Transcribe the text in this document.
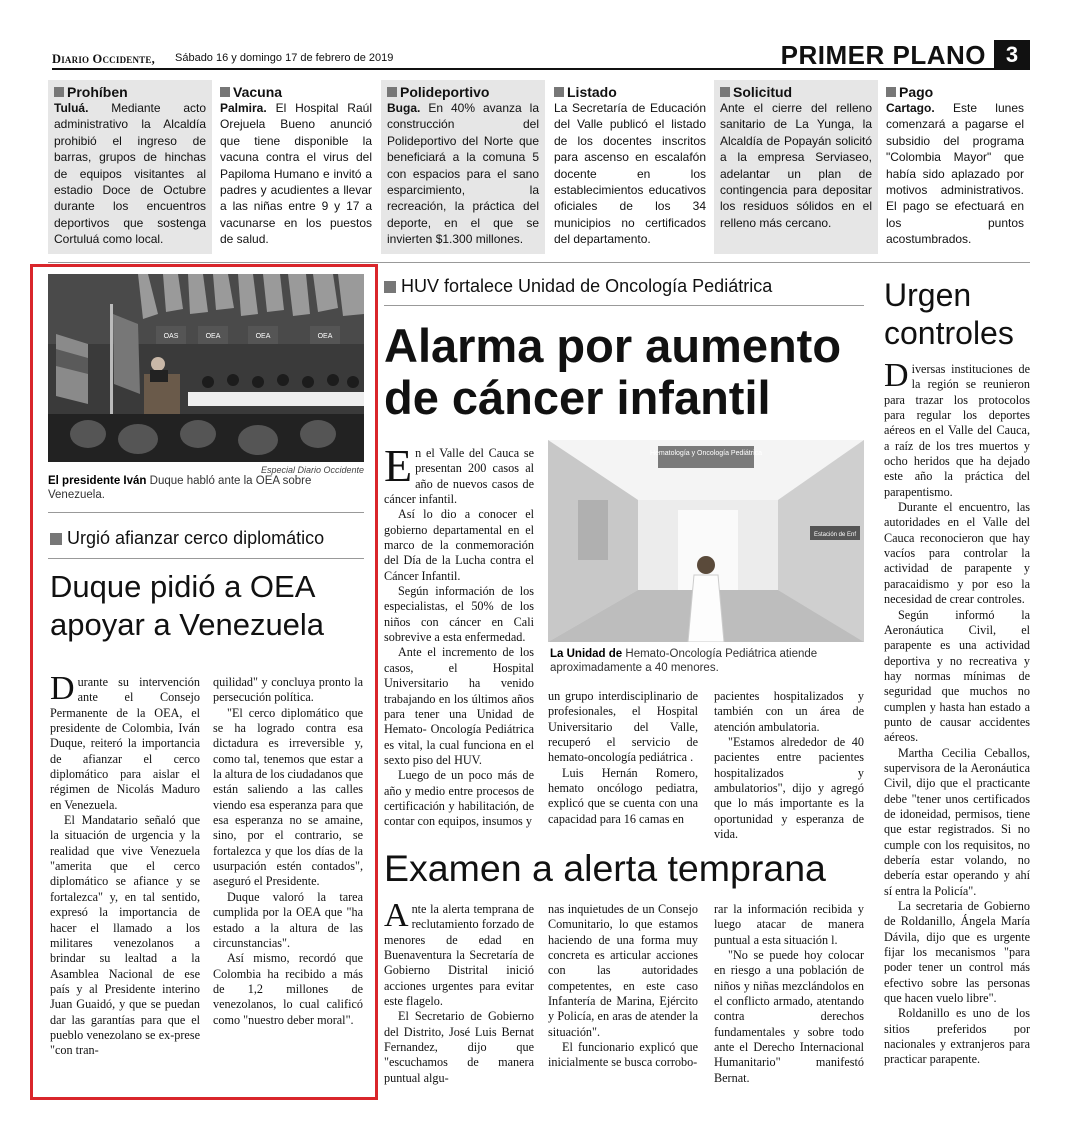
Diario Occidente, Sábado 16 y domingo 17 de febrero de 2019	PRIMER PLANO 3
Prohíben

Tuluá. Mediante acto administrativo la Alcaldía prohibió el ingreso de barras, grupos de hinchas de equipos visitantes al estadio Doce de Octubre durante los encuentros deportivos que sostenga Cortuluá como local.

Vacuna

Palmira. El Hospital Raúl Orejuela Bueno anunció que tiene disponible la vacuna contra el virus del Papiloma Humano e invitó a padres y acudientes a llevar a las niñas entre 9 y 17 a vacunarse en los puestos de salud.

Polideportivo

Buga. En 40% avanza la construcción del Polideportivo del Norte que beneficiará a la comuna 5 con espacios para el sano esparcimiento, la recreación, la práctica del deporte, en el que se invierten $1.300 millones.

Listado

La Secretaría de Educación del Valle publicó el listado de los docentes inscritos para ascenso en escalafón docente en los establecimientos educativos oficiales de los 34 municipios no certificados del departamento.

Solicitud

Ante el cierre del relleno sanitario de La Yunga, la Alcaldía de Popayán solicitó a la empresa Serviaseo, adelantar un plan de contingencia para depositar los residuos sólidos en el relleno más cercano.

Pago

Cartago. Este lunes comenzará a pagarse el subsidio del programa "Colombia Mayor" que había sido aplazado por motivos administrativos. El pago se efectuará en los puntos acostumbrados.

OAS	OEA	OEA	OEA
Especial Diario Occidente
El presidente Iván Duque habló ante la OEA sobre Venezuela.
Urgió afianzar cerco diplomático
Duque pidió a OEA
apoyar a Venezuela

Durante su intervención ante el Consejo Permanente de la OEA, el presidente de Colombia, Iván Duque, reiteró la importancia de afianzar el cerco diplomático para aislar el régimen de Nicolás Maduro en Venezuela.

El Mandatario señaló que la situación de urgencia y la realidad que vive Venezuela "amerita que el cerco diplomático se afiance y se fortalezca" y, en tal sentido, expresó la importancia de hacer el llamado a los militares venezolanos a brindar su lealtad a la Asamblea Nacional de ese país y al Presidente interino Juan Guaidó, y que se puedan dar las garantías para que el pueblo venezolano se ex-prese "con tran-

quilidad" y concluya pronto la persecución política.

"El cerco diplomático que se ha logrado contra esa dictadura es irreversible y, como tal, tenemos que estar a la altura de los ciudadanos que están saliendo a las calles viendo esa esperanza para que esa esperanza no se amaine, sino, por el contrario, se fortalezca y que los días de la usurpación estén contados", aseguró el Presidente.

Duque valoró la tarea cumplida por la OEA que "ha estado a la altura de las circunstancias".

Así mismo, recordó que Colombia ha recibido a más de 1,2 millones de venezolanos, lo cual calificó como "nuestro deber moral".

HUV fortalece Unidad de Oncología Pediátrica
Alarma por aumento
de cáncer infantil

En el Valle del Cauca se presentan 200 casos al año de nuevos casos de cáncer infantil.

Así lo dio a conocer el gobierno departamental en el marco de la conmemoración del Día de la Lucha contra el Cáncer Infantil.

Según información de los especialistas, el 50% de los niños con cáncer en Cali sobrevive a esta enfermedad.

Ante el incremento de los casos, el Hospital Universitario ha venido trabajando en los últimos años para tener una Unidad de Hemato- Oncología Pediátrica es vital, la cual funciona en el sexto piso del HUV.

Luego de un poco más de año y medio entre procesos de certificación y habilitación, de contar con equipos, insumos y

Hematología y Oncología Pediátrica
Estación de Enf
La Unidad de Hemato-Oncología Pediátrica atiende aproximadamente a 40 menores.

un grupo interdisciplinario de profesionales, el Hospital Universitario del Valle, recuperó el servicio de hemato-oncología pediátrica .

Luis Hernán Romero, hemato oncólogo pediatra, explicó que se cuenta con una capacidad para 16 camas en

pacientes hospitalizados y también con un área de atención ambulatoria.

"Estamos alrededor de 40 pacientes entre pacientes hospitalizados y ambulatorios", dijo y agregó que lo más importante es la oportunidad y esperanza de vida.

Examen a alerta temprana

Ante la alerta temprana de reclutamiento forzado de menores de edad en Buenaventura la Secretaría de Gobierno Distrital inició acciones urgentes para evitar este flagelo.

El Secretario de Gobierno del Distrito, José Luis Bernat Fernandez, dijo que "escuchamos de manera puntual algu-

nas inquietudes de un Consejo Comunitario, lo que estamos haciendo de una forma muy concreta es articular acciones con las autoridades competentes, en este caso Infantería de Marina, Ejército y Policía, en aras de atender la situación".

El funcionario explicó que inicialmente se busca corrobo-

rar la información recibida y luego atacar de manera puntual a esta situación l.

"No se puede hoy colocar en riesgo a una población de niños y niñas mezclándolos en el conflicto armado, atentando contra derechos fundamentales y sobre todo ante el Derecho Internacional Humanitario" manifestó Bernat.

Urgen
controles

Diversas instituciones de la región se reunieron para trazar los protocolos para regular los deportes aéreos en el Valle del Cauca, a raíz de los tres muertos y ocho heridos que ha dejado este año la práctica del parapentismo.

Durante el encuentro, las autoridades en el Valle del Cauca reconocieron que hay vacíos para controlar la actividad de parapente y paracaidismo y por eso la necesidad de crear controles.

Según informó la Aeronáutica Civil, el parapente es una actividad deportiva y no recreativa y hay normas mínimas de seguridad que muchos no cumplen y hasta han estado a punto de causar accidentes aéreos.

Martha Cecilia Ceballos, supervisora de la Aeronáutica Civil, dijo que el practicante debe "tener unos certificados de idoneidad, permisos, tiene que estar registrados. Si no cumple con los requisitos, no debería estar volando, no debería estar operando y ahí sí entra la Policía".

La secretaria de Gobierno de Roldanillo, Ángela María Dávila, dijo que es urgente fijar los mecanismos "para poder tener un control más efectivo sobre las personas que hacen vuelo libre".

Roldanillo es uno de los sitios preferidos por nacionales y extranjeros para practicar parapente.
